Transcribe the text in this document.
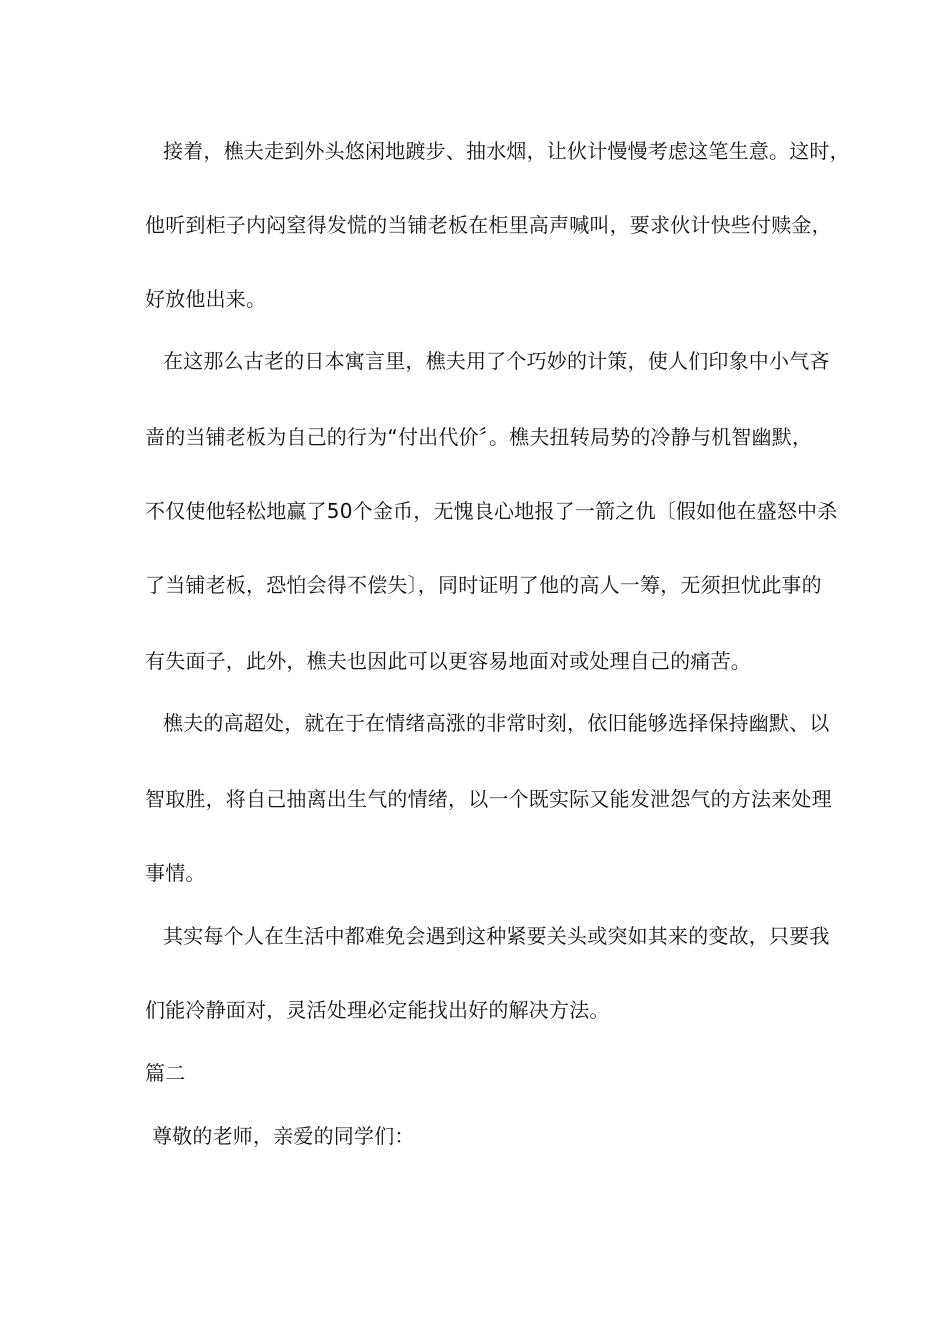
接着，樵夫走到外头悠闲地踱步、抽水烟，让伙计慢慢考虑这笔生意。这时，
他听到柜子内闷窒得发慌的当铺老板在柜里高声喊叫，要求伙计快些付赎金，
好放他出来。
在这那么古老的日本寓言里，樵夫用了个巧妙的计策，使人们印象中小气吝
啬的当铺老板为自己的行为“付出代价〞。樵夫扭转局势的冷静与机智幽默，
不仅使他轻松地赢了50个金币，无愧良心地报了一箭之仇〔假如他在盛怒中杀
了当铺老板，恐怕会得不偿失〕，同时证明了他的高人一筹，无须担忧此事的
有失面子，此外，樵夫也因此可以更容易地面对或处理自己的痛苦。
樵夫的高超处，就在于在情绪高涨的非常时刻，依旧能够选择保持幽默、以
智取胜，将自己抽离出生气的情绪，以一个既实际又能发泄怨气的方法来处理
事情。
其实每个人在生活中都难免会遇到这种紧要关头或突如其来的变故，只要我
们能冷静面对，灵活处理必定能找出好的解决方法。
篇二
尊敬的老师，亲爱的同学们：
